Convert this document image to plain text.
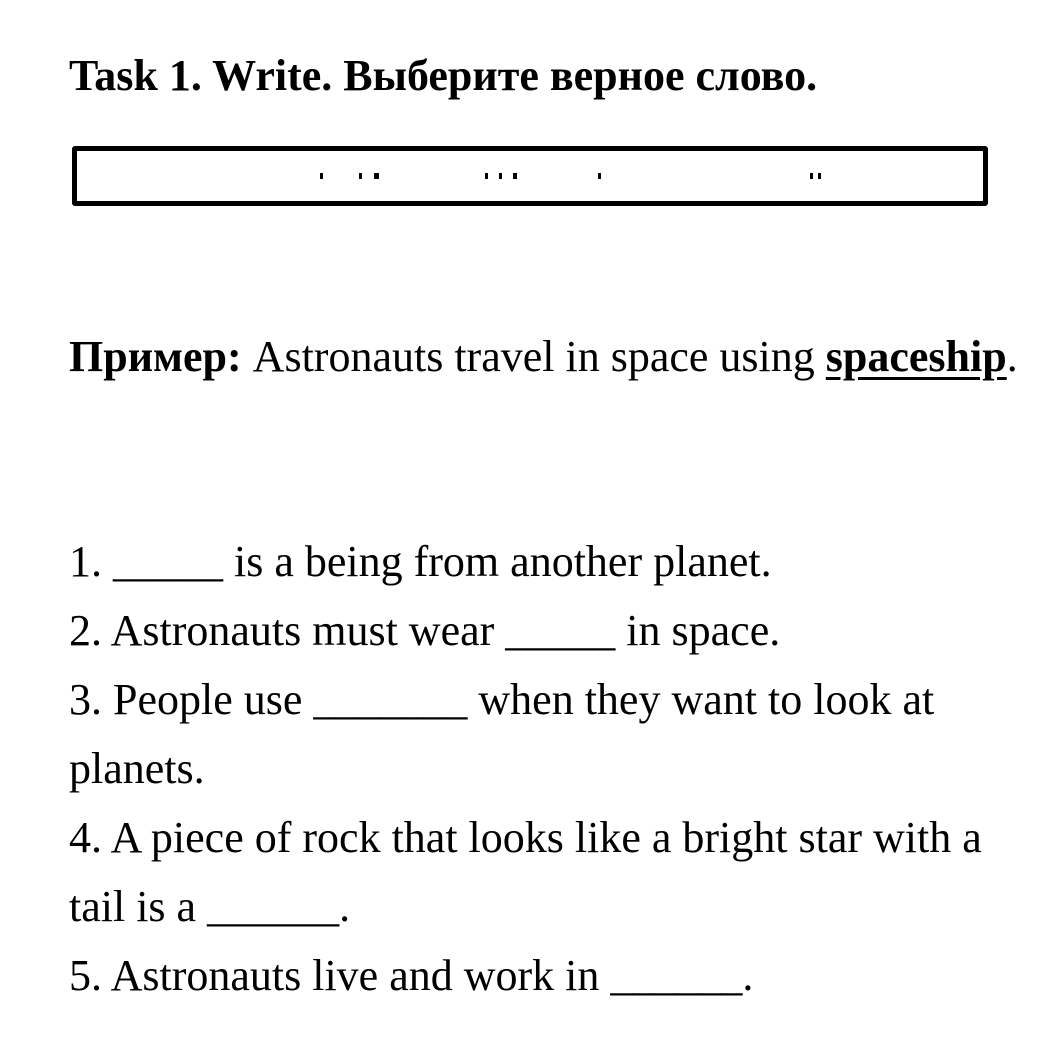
Task 1. Write. Выберите верное слово.

Пример: Astronauts travel in space using spaceship.

1. _____ is a being from another planet.
2. Astronauts must wear _____ in space.
3. People use _______ when they want to look at planets.
4. A piece of rock that looks like a bright star with a tail is a ______.
5. Astronauts live and work in ______.
